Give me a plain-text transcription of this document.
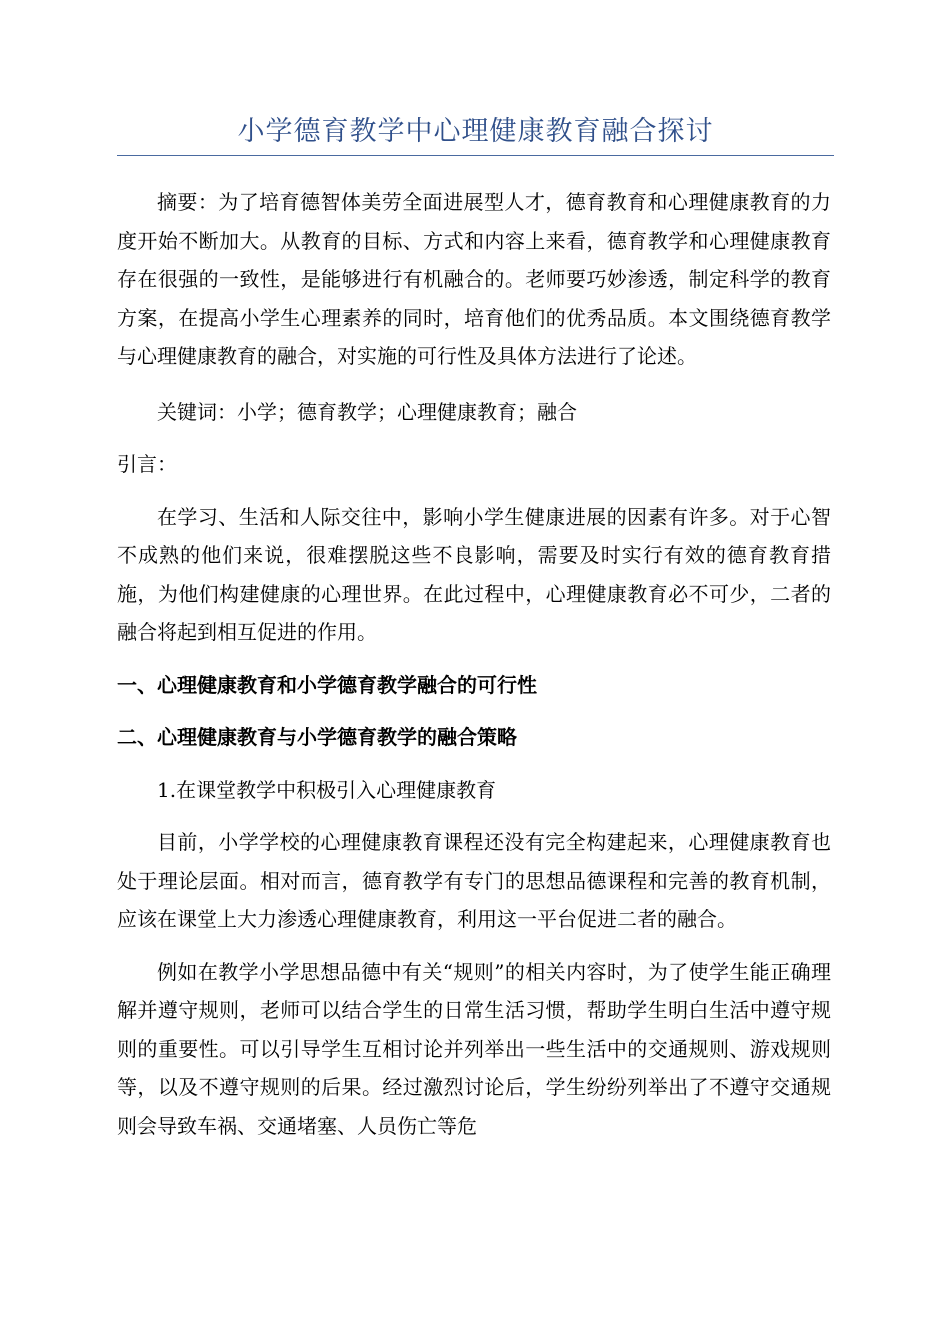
小学德育教学中心理健康教育融合探讨

摘要：为了培育德智体美劳全面进展型人才，德育教育和心理健康教育的力度开始不断加大。从教育的目标、方式和内容上来看，德育教学和心理健康教育存在很强的一致性，是能够进行有机融合的。老师要巧妙渗透，制定科学的教育方案，在提高小学生心理素养的同时，培育他们的优秀品质。本文围绕德育教学与心理健康教育的融合，对实施的可行性及具体方法进行了论述。

关键词：小学；德育教学；心理健康教育；融合

引言：

在学习、生活和人际交往中，影响小学生健康进展的因素有许多。对于心智不成熟的他们来说，很难摆脱这些不良影响，需要及时实行有效的德育教育措施，为他们构建健康的心理世界。在此过程中，心理健康教育必不可少，二者的融合将起到相互促进的作用。

一、心理健康教育和小学德育教学融合的可行性

二、心理健康教育与小学德育教学的融合策略

1.在课堂教学中积极引入心理健康教育

目前，小学学校的心理健康教育课程还没有完全构建起来，心理健康教育也处于理论层面。相对而言，德育教学有专门的思想品德课程和完善的教育机制，应该在课堂上大力渗透心理健康教育，利用这一平台促进二者的融合。

例如在教学小学思想品德中有关“规则”的相关内容时，为了使学生能正确理解并遵守规则，老师可以结合学生的日常生活习惯，帮助学生明白生活中遵守规则的重要性。可以引导学生互相讨论并列举出一些生活中的交通规则、游戏规则等，以及不遵守规则的后果。经过激烈讨论后，学生纷纷列举出了不遵守交通规则会导致车祸、交通堵塞、人员伤亡等危
